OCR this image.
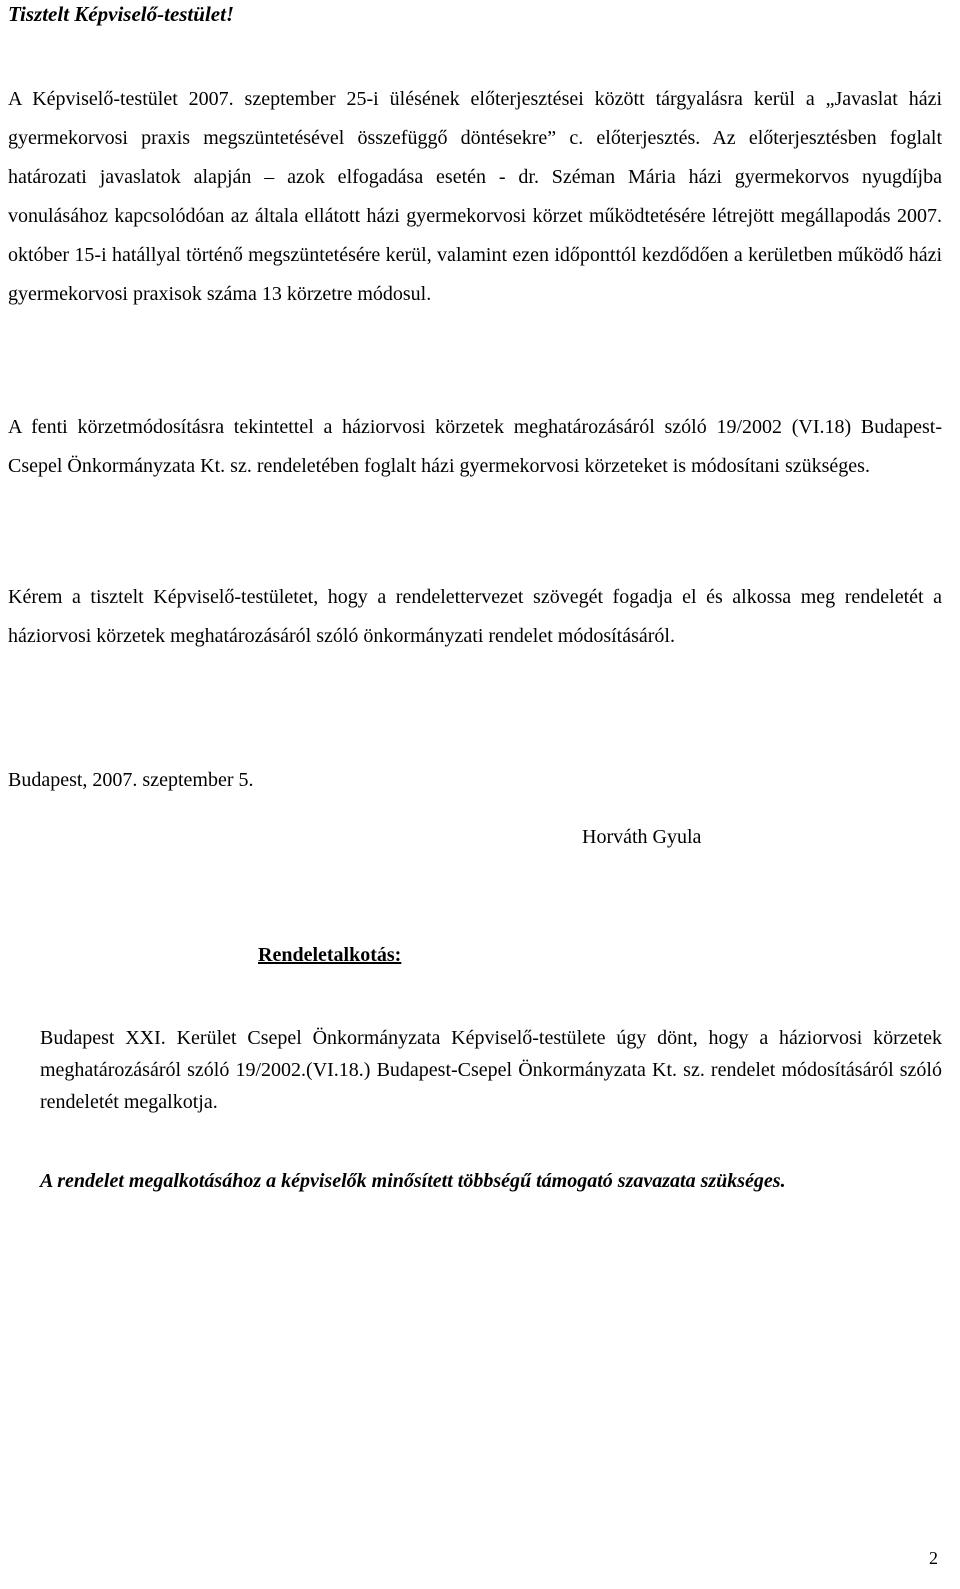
Tisztelt Képviselő-testület!
A Képviselő-testület 2007. szeptember 25-i ülésének előterjesztései között tárgyalásra kerül a „Javaslat házi gyermekorvosi praxis megszüntetésével összefüggő döntésekre” c. előterjesztés. Az előterjesztésben foglalt határozati javaslatok alapján – azok elfogadása esetén - dr. Széman Mária házi gyermekorvos nyugdíjba vonulásához kapcsolódóan az általa ellátott házi gyermekorvosi körzet működtetésére létrejött megállapodás 2007. október 15-i hatállyal történő megszüntetésére kerül, valamint ezen időponttól kezdődően a kerületben működő házi gyermekorvosi praxisok száma 13 körzetre módosul.
A fenti körzetmódosításra tekintettel a háziorvosi körzetek meghatározásáról szóló 19/2002 (VI.18) Budapest-Csepel Önkormányzata Kt. sz. rendeletében foglalt házi gyermekorvosi körzeteket is módosítani szükséges.
Kérem a tisztelt Képviselő-testületet, hogy a rendelettervezet szövegét fogadja el és alkossa meg rendeletét a háziorvosi körzetek meghatározásáról szóló önkormányzati rendelet módosításáról.
Budapest, 2007. szeptember 5.
Horváth Gyula
Rendeletalkotás:
Budapest XXI. Kerület Csepel Önkormányzata Képviselő-testülete úgy dönt, hogy a háziorvosi körzetek meghatározásáról szóló 19/2002.(VI.18.) Budapest-Csepel Önkormányzata Kt. sz. rendelet módosításáról szóló rendeletét megalkotja.
A rendelet megalkotásához a képviselők minősített többségű támogató szavazata szükséges.
2
